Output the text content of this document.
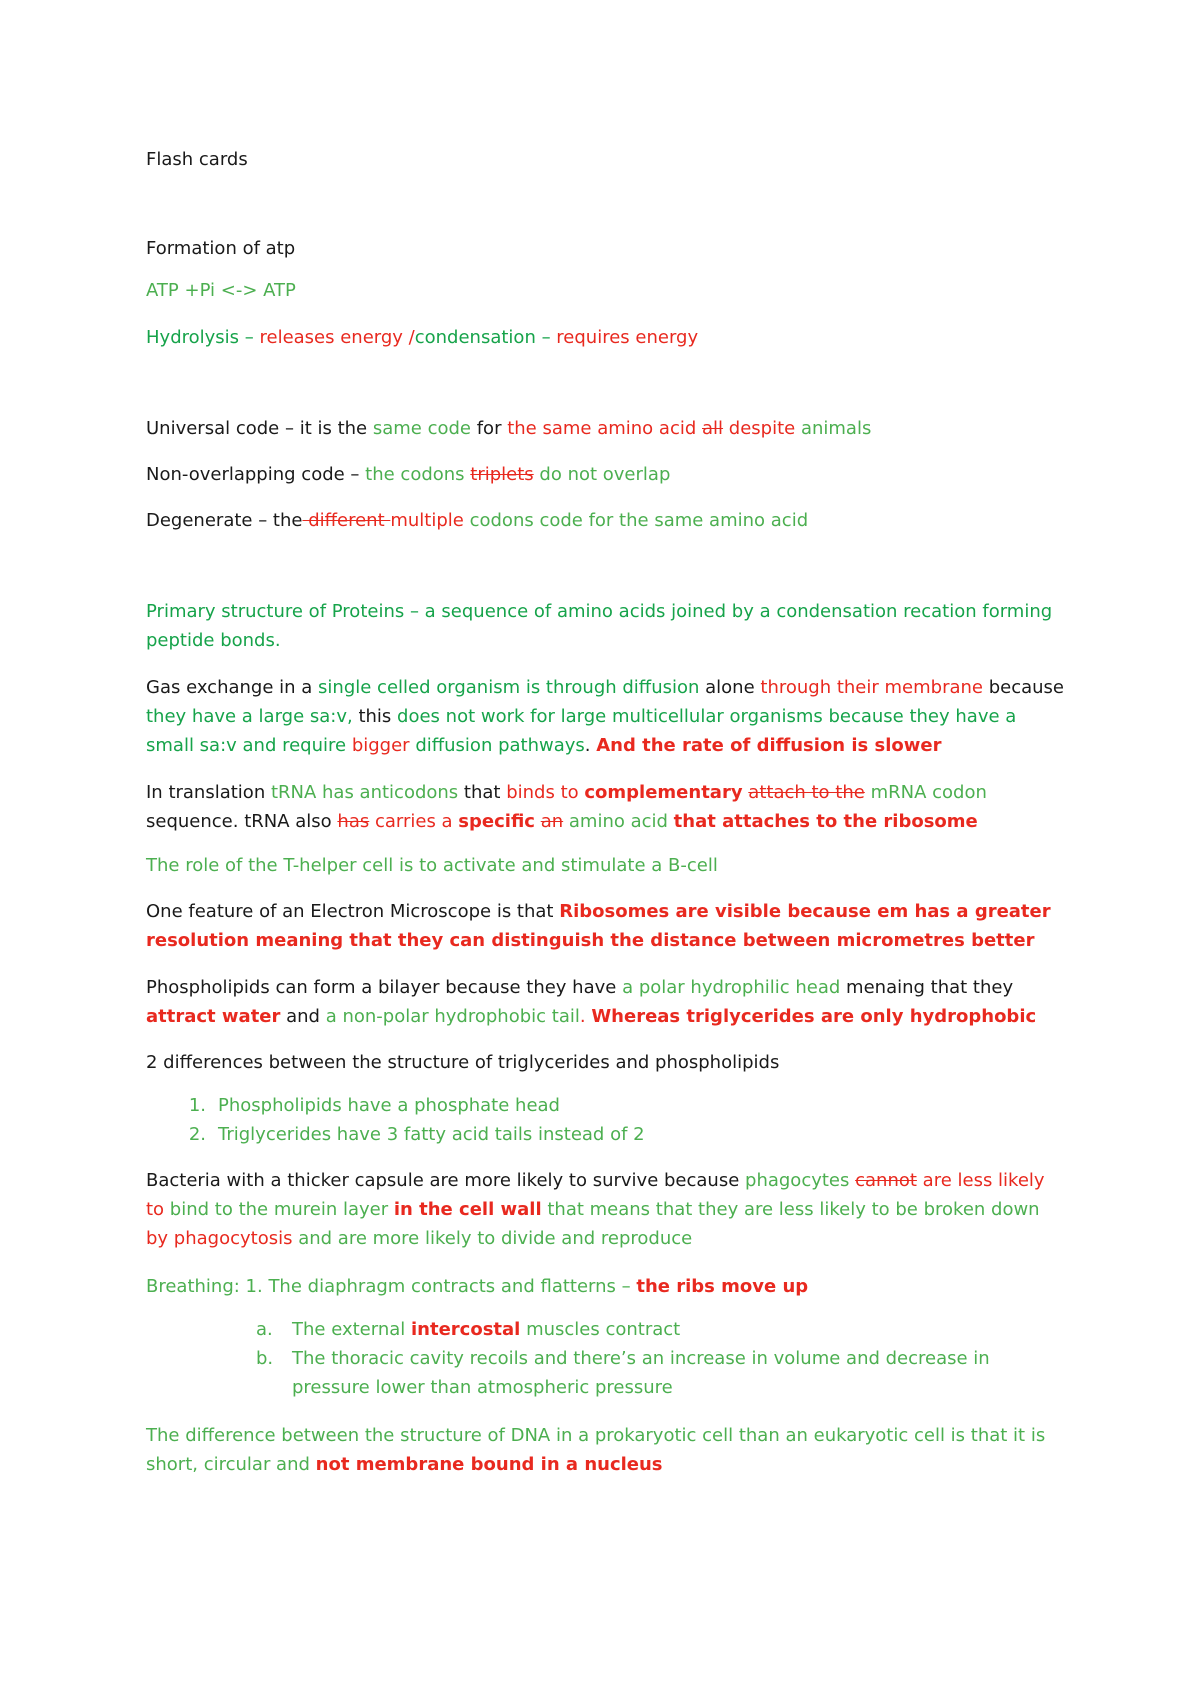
Flash cards

Formation of atp

ATP +Pi <-> ATP

Hydrolysis – releases energy /condensation – requires energy

Universal code – it is the same code for the same amino acid all despite animals

Non-overlapping code – the codons triplets do not overlap

Degenerate – the different multiple codons code for the same amino acid

Primary structure of Proteins – a sequence of amino acids joined by a condensation recation forming peptide bonds.

Gas exchange in a single celled organism is through diffusion alone through their membrane because they have a large sa:v, this does not work for large multicellular organisms because they have a small sa:v and require bigger diffusion pathways. And the rate of diffusion is slower

In translation tRNA has anticodons that binds to complementary attach to the mRNA codon sequence. tRNA also has carries a specific an amino acid that attaches to the ribosome

The role of the T-helper cell is to activate and stimulate a B-cell

One feature of an Electron Microscope is that Ribosomes are visible because em has a greater resolution meaning that they can distinguish the distance between micrometres better

Phospholipids can form a bilayer because they have a polar hydrophilic head menaing that they attract water and a non-polar hydrophobic tail. Whereas triglycerides are only hydrophobic

2 differences between the structure of triglycerides and phospholipids

1. Phospholipids have a phosphate head
2. Triglycerides have 3 fatty acid tails instead of 2

Bacteria with a thicker capsule are more likely to survive because phagocytes cannot are less likely to bind to the murein layer in the cell wall that means that they are less likely to be broken down by phagocytosis and are more likely to divide and reproduce

Breathing: 1. The diaphragm contracts and flatterns – the ribs move up

a. The external intercostal muscles contract
b. The thoracic cavity recoils and there’s an increase in volume and decrease in pressure lower than atmospheric pressure

The difference between the structure of DNA in a prokaryotic cell than an eukaryotic cell is that it is short, circular and not membrane bound in a nucleus
